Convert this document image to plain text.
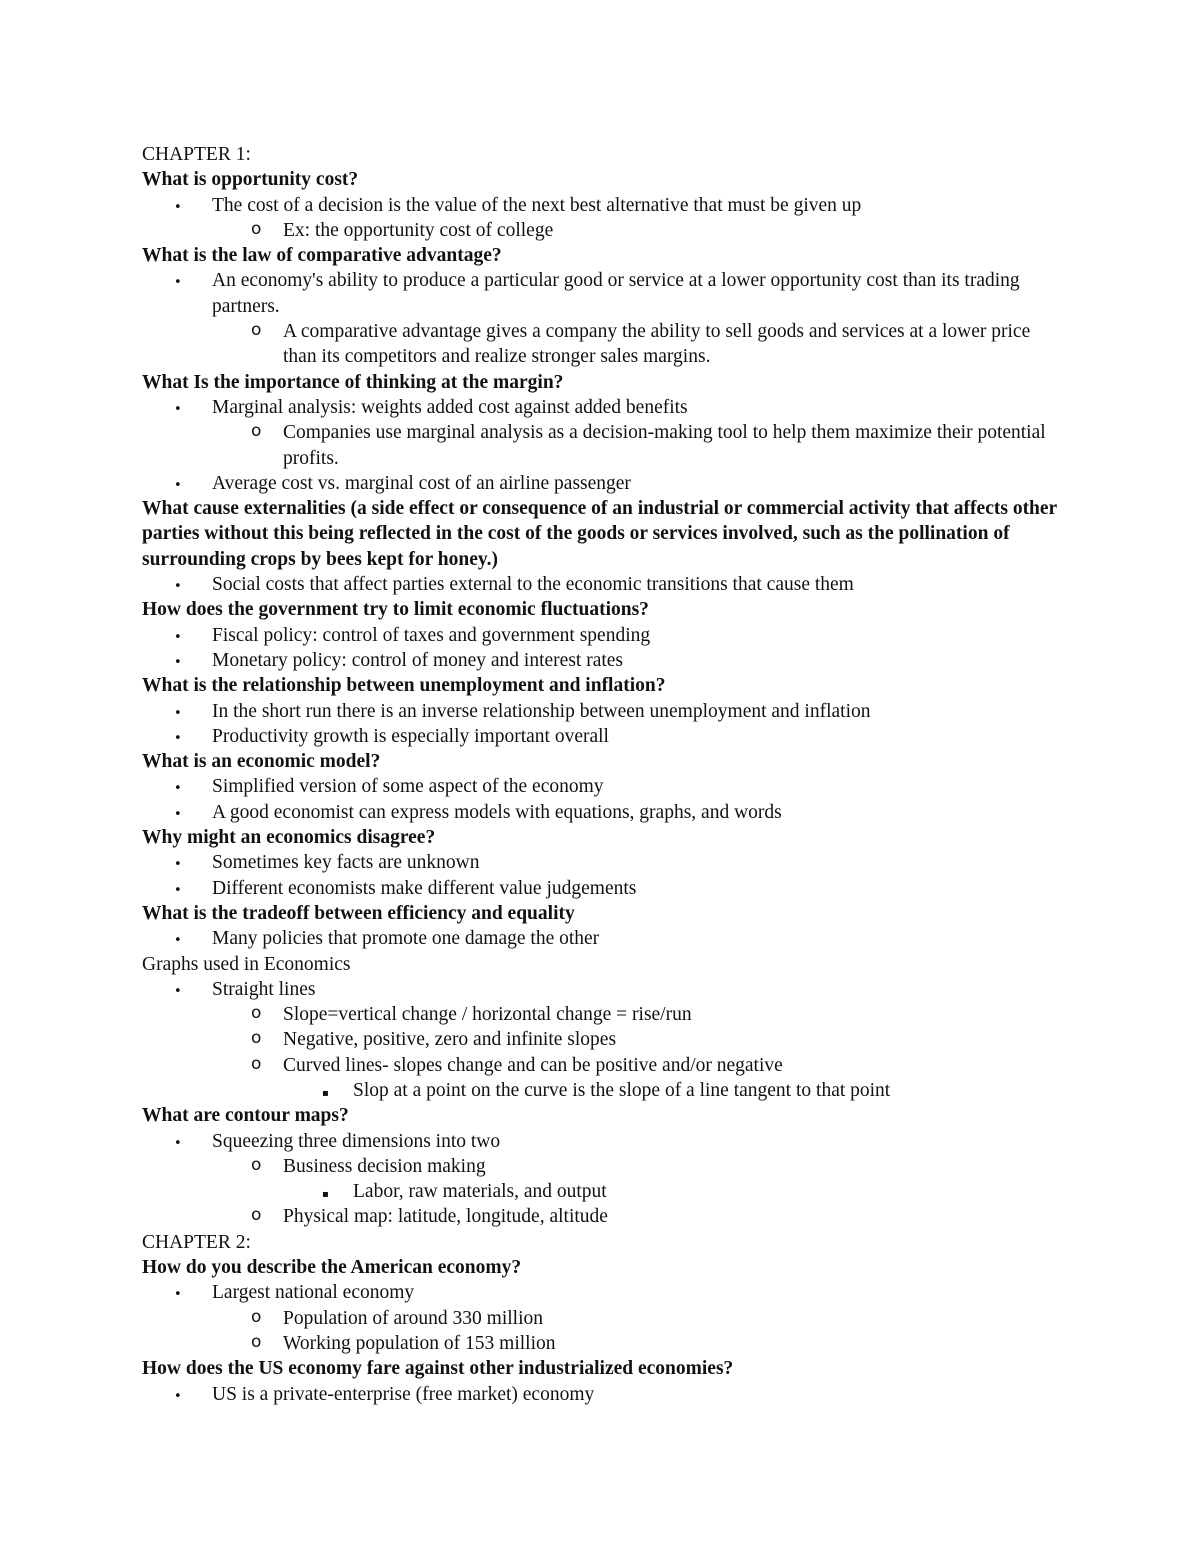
CHAPTER 1:
What is opportunity cost?
• The cost of a decision is the value of the next best alternative that must be given up
o Ex: the opportunity cost of college
What is the law of comparative advantage?
• An economy's ability to produce a particular good or service at a lower opportunity cost than its trading partners.
o A comparative advantage gives a company the ability to sell goods and services at a lower price than its competitors and realize stronger sales margins.
What Is the importance of thinking at the margin?
• Marginal analysis: weights added cost against added benefits
o Companies use marginal analysis as a decision-making tool to help them maximize their potential profits.
• Average cost vs. marginal cost of an airline passenger
What cause externalities (a side effect or consequence of an industrial or commercial activity that affects other parties without this being reflected in the cost of the goods or services involved, such as the pollination of surrounding crops by bees kept for honey.)
• Social costs that affect parties external to the economic transitions that cause them
How does the government try to limit economic fluctuations?
• Fiscal policy: control of taxes and government spending
• Monetary policy: control of money and interest rates
What is the relationship between unemployment and inflation?
• In the short run there is an inverse relationship between unemployment and inflation
• Productivity growth is especially important overall
What is an economic model?
• Simplified version of some aspect of the economy
• A good economist can express models with equations, graphs, and words
Why might an economics disagree?
• Sometimes key facts are unknown
• Different economists make different value judgements
What is the tradeoff between efficiency and equality
• Many policies that promote one damage the other
Graphs used in Economics
• Straight lines
o Slope=vertical change / horizontal change = rise/run
o Negative, positive, zero and infinite slopes
o Curved lines- slopes change and can be positive and/or negative
▪ Slop at a point on the curve is the slope of a line tangent to that point
What are contour maps?
• Squeezing three dimensions into two
o Business decision making
▪ Labor, raw materials, and output
o Physical map: latitude, longitude, altitude
CHAPTER 2:
How do you describe the American economy?
• Largest national economy
o Population of around 330 million
o Working population of 153 million
How does the US economy fare against other industrialized economies?
• US is a private-enterprise (free market) economy
